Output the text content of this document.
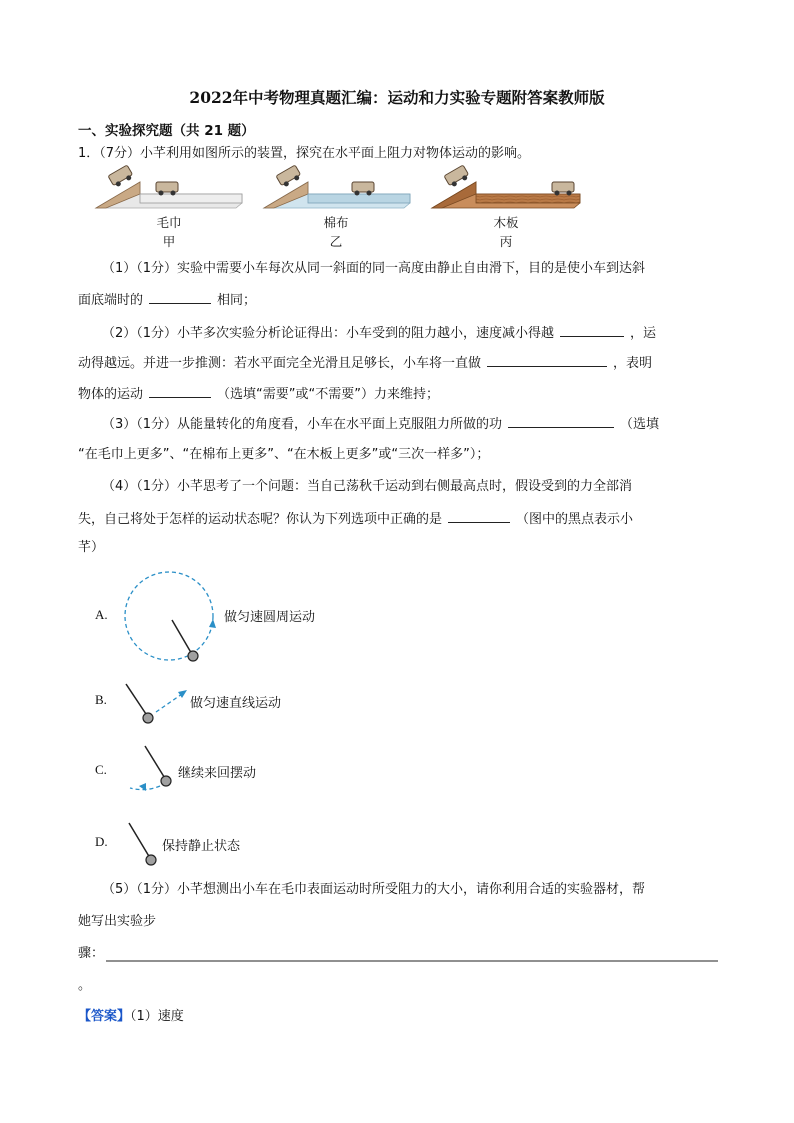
2022年中考物理真题汇编：运动和力实验专题附答案教师版
一、实验探究题（共 21 题）
1．（7分）小芊利用如图所示的装置，探究在水平面上阻力对物体运动的影响。
毛巾
甲
棉布
乙
木板
丙
（1）（1分）实验中需要小车每次从同一斜面的同一高度由静止自由滑下，目的是使小车到达斜
面底端时的	相同；
（2）（1分）小芊多次实验分析论证得出：小车受到的阻力越小，速度减小得越	，运
动得越远。并进一步推测：若水平面完全光滑且足够长，小车将一直做	，表明
物体的运动	（选填“需要”或“不需要”）力来维持；
（3）（1分）从能量转化的角度看，小车在水平面上克服阻力所做的功	（选填
“在毛巾上更多”、“在棉布上更多”、“在木板上更多”或“三次一样多”）；
（4）（1分）小芊思考了一个问题：当自己荡秋千运动到右侧最高点时，假设受到的力全部消
失，自己将处于怎样的运动状态呢？你认为下列选项中正确的是	（图中的黑点表示小
芊）
A.	做匀速圆周运动
B.	做匀速直线运动
C.	继续来回摆动
D.	保持静止状态
（5）（1分）小芊想测出小车在毛巾表面运动时所受阻力的大小，请你利用合适的实验器材，帮
她写出实验步
骤：
。
【答案】（1）速度
